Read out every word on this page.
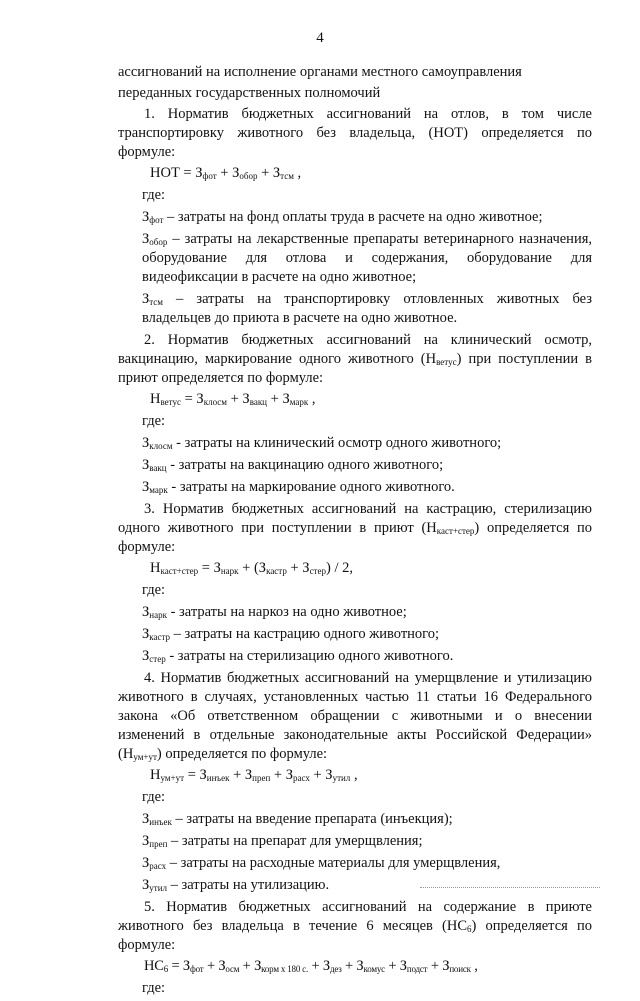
4

ассигнований на исполнение органами местного самоуправления

переданных государственных полномочий

1. Норматив бюджетных ассигнований на отлов, в том числе транспортировку животного без владельца, (НОТ) определяется по формуле:

НОТ = $З_{фот} + З_{обор} + З_{тсм}$ ,

где:

$З_{фот}$ – затраты на фонд оплаты труда в расчете на одно животное;

$З_{обор}$ – затраты на лекарственные препараты ветеринарного назначения, оборудование для отлова и содержания, оборудование для видеофиксации в расчете на одно животное;

$З_{тсм}$ – затраты на транспортировку отловленных животных без владельцев до приюта в расчете на одно животное.

2. Норматив бюджетных ассигнований на клинический осмотр, вакцинацию, маркирование одного животного $(Н_{ветус})$ при поступлении в приют определяется по формуле:

$Н_{ветус} = З_{клосм} + З_{вакц} + З_{марк}$ ,

где:

$З_{клосм}$ - затраты на клинический осмотр одного животного;

$З_{вакц}$ - затраты на вакцинацию одного животного;

$З_{марк}$ - затраты на маркирование одного животного.

3. Норматив бюджетных ассигнований на кастрацию, стерилизацию одного животного при поступлении в приют $(Н_{каст+стер})$ определяется по формуле:

$Н_{каст+стер} = З_{нарк} + (З_{кастр} + З_{стер}) / 2$,

где:

$З_{нарк}$ - затраты на наркоз на одно животное;

$З_{кастр}$ – затраты на кастрацию одного животного;

$З_{стер}$ - затраты на стерилизацию одного животного.

4. Норматив бюджетных ассигнований на умерщвление и утилизацию животного в случаях, установленных частью 11 статьи 16 Федерального закона «Об ответственном обращении с животными и о внесении изменений в отдельные законодательные акты Российской Федерации» $(Н_{ум+ут})$ определяется по формуле:

$Н_{ум+ут} = З_{инъек} + З_{преп} + З_{расх} + З_{утил}$ ,

где:

$З_{инъек}$ – затраты на введение препарата (инъекция);

$З_{преп}$ – затраты на препарат для умерщвления;

$З_{расх}$ – затраты на расходные материалы для умерщвления,

$З_{утил}$ – затраты на утилизацию.

5. Норматив бюджетных ассигнований на содержание в приюте животного без владельца в течение 6 месяцев $(НС_6)$ определяется по формуле:

$НС_6 = З_{фот} + З_{осм} + З_{корм х 180 с.} + З_{дез} + З_{комус} + З_{подст} + З_{поиск}$ ,

где:
